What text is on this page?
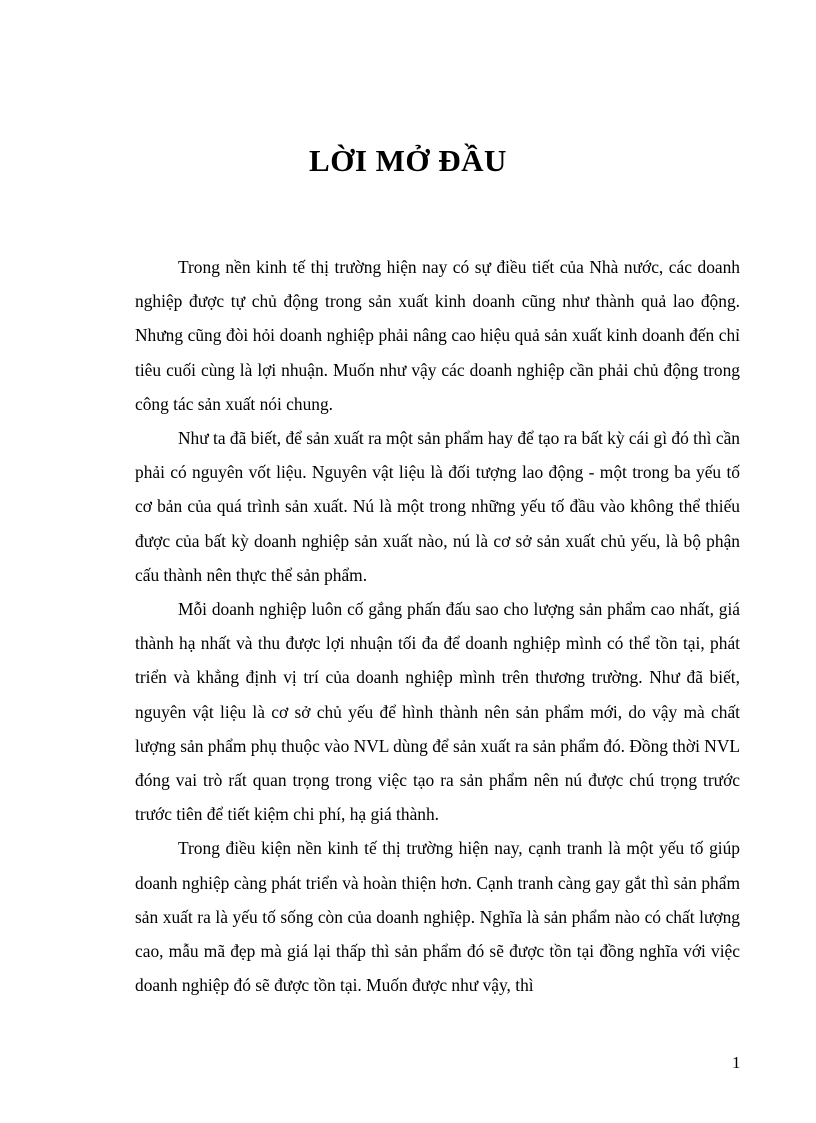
LỜI MỞ ĐẦU

Trong nền kinh tế thị trường hiện nay có sự điều tiết của Nhà nước, các doanh nghiệp được tự chủ động trong sản xuất kinh doanh cũng như thành quả lao động. Nhưng cũng đòi hỏi doanh nghiệp phải nâng cao hiệu quả sản xuất kinh doanh đến chỉ tiêu cuối cùng là lợi nhuận. Muốn như vậy các doanh nghiệp cần phải chủ động trong công tác sản xuất nói chung.

Như ta đã biết, để sản xuất ra một sản phẩm hay để tạo ra bất kỳ cái gì đó thì cần phải có nguyên vốt liệu. Nguyên vật liệu là đối tượng lao động - một trong ba yếu tố cơ bản của quá trình sản xuất. Nú là một trong những yếu tố đầu vào không thể thiếu được của bất kỳ doanh nghiệp sản xuất nào, nú là cơ sở sản xuất chủ yếu, là bộ phận cấu thành nên thực thể sản phẩm.

Mỗi doanh nghiệp luôn cố gắng phấn đấu sao cho lượng sản phẩm cao nhất, giá thành hạ nhất và thu được lợi nhuận tối đa để doanh nghiệp mình có thể tồn tại, phát triển và khẳng định vị trí của doanh nghiệp mình trên thương trường. Như đã biết, nguyên vật liệu là cơ sở chủ yếu để hình thành nên sản phẩm mới, do vậy mà chất lượng sản phẩm phụ thuộc vào NVL dùng để sản xuất ra sản phẩm đó. Đồng thời NVL đóng vai trò rất quan trọng trong việc tạo ra sản phẩm nên nú được chú trọng trước trước tiên để tiết kiệm chi phí, hạ giá thành.

Trong điều kiện nền kinh tế thị trường hiện nay, cạnh tranh là một yếu tố giúp doanh nghiệp càng phát triển và hoàn thiện hơn. Cạnh tranh càng gay gắt thì sản phẩm sản xuất ra là yếu tố sống còn của doanh nghiệp. Nghĩa là sản phẩm nào có chất lượng cao, mẫu mã đẹp mà giá lại thấp thì sản phẩm đó sẽ được tồn tại đồng nghĩa với việc doanh nghiệp đó sẽ được tồn tại. Muốn được như vậy, thì

1
